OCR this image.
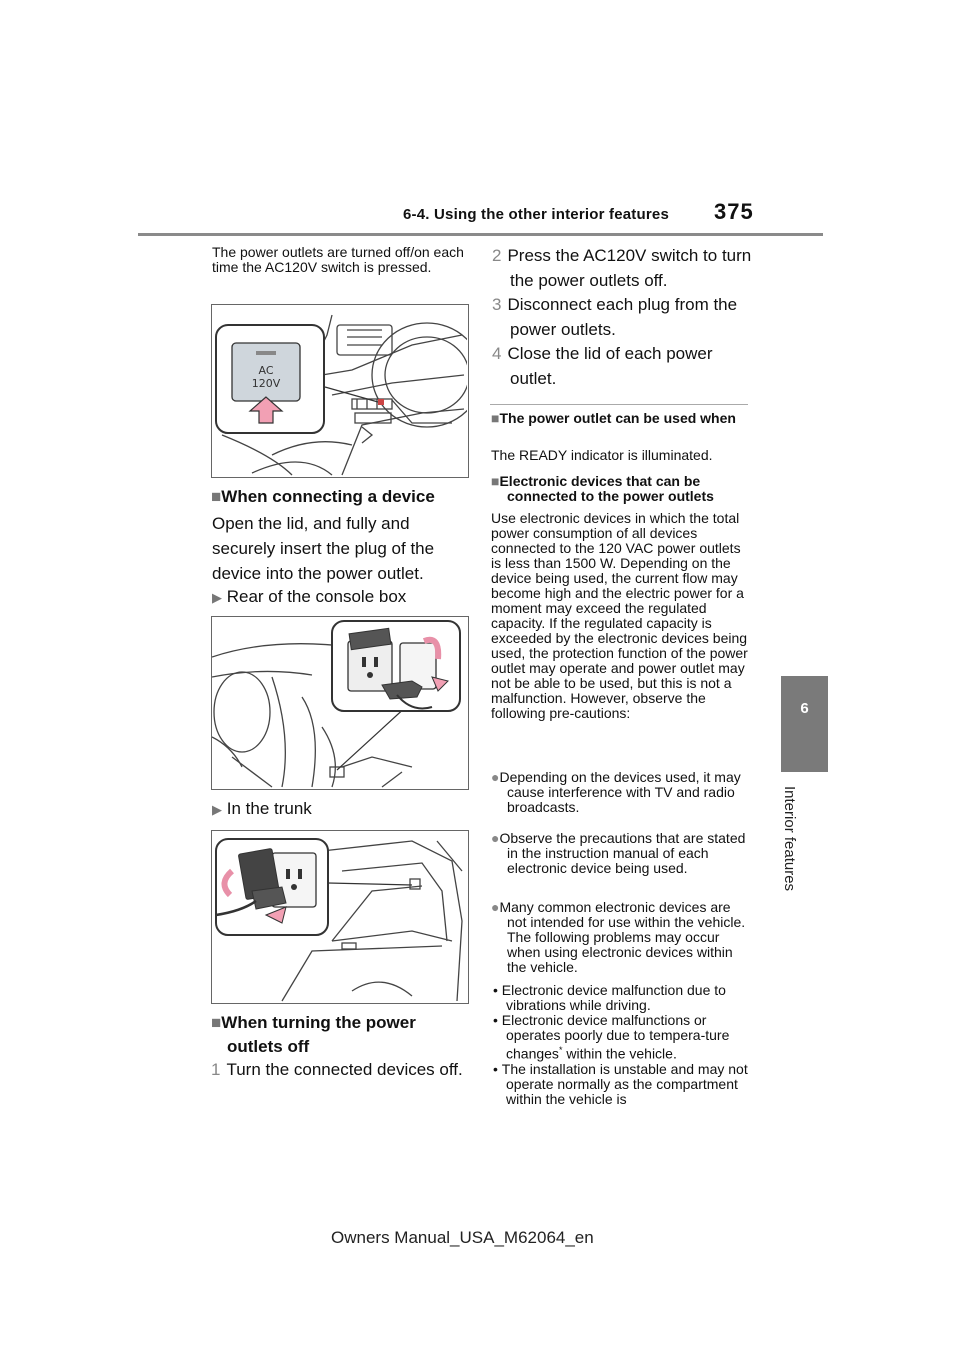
6-4. Using the other interior features 375
6
Interior features
The power outlets are turned off/on each time the AC120V switch is pressed.
AC
120V
■When connecting a device
Open the lid, and fully and securely insert the plug of the device into the power outlet.
▶ Rear of the console box
▶ In the trunk
■When turning the power outlets off
1 Turn the connected devices off.
2 Press the AC120V switch to turn the power outlets off.
3 Disconnect each plug from the power outlets.
4 Close the lid of each power outlet.
■The power outlet can be used when
The READY indicator is illuminated.
■Electronic devices that can be connected to the power outlets
Use electronic devices in which the total power consumption of all devices connected to the 120 VAC power outlets is less than 1500 W. Depending on the device being used, the current flow may become high and the electric power for a moment may exceed the regulated capacity. If the regulated capacity is exceeded by the electronic devices being used, the protection function of the power outlet may operate and power outlet may not be able to be used, but this is not a malfunction. However, observe the following pre-cautions:
●Depending on the devices used, it may cause interference with TV and radio broadcasts.
●Observe the precautions that are stated in the instruction manual of each electronic device being used.
●Many common electronic devices are not intended for use within the vehicle. The following problems may occur when using electronic devices within the vehicle.
• Electronic device malfunction due to vibrations while driving.
• Electronic device malfunctions or operates poorly due to tempera-ture changes* within the vehicle.
• The installation is unstable and may not operate normally as the compartment within the vehicle is
Owners Manual_USA_M62064_en
